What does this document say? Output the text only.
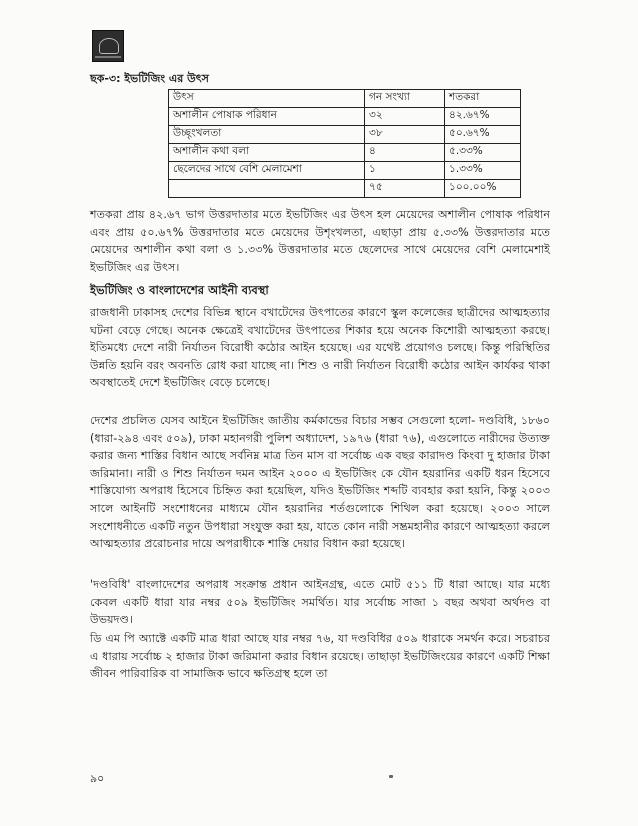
ছক-৩: ইভটিজিং এর উৎস

উৎস	গন সংখ্যা	শতকরা
অশালীন পোষাক পরিধান	৩২	৪২.৬৭%
উচ্ছৃংখলতা	৩৮	৫০.৬৭%
অশালীন কথা বলা	৪	৫.৩৩%
ছেলেদের সাথে বেশি মেলামেশা	১	১.৩৩%
	৭৫	১০০.০০%

শতকরা প্রায় ৪২.৬৭ ভাগ উত্তরদাতার মতে ইভটিজিং এর উৎস হল মেয়েদের অশালীন পোষাক পরিধান এবং প্রায় ৫০.৬৭% উত্তরদাতার মতে মেয়েদের উশৃংখলতা, এছাড়া প্রায় ৫.৩৩% উত্তরদাতার মতে মেয়েদের অশালীন কথা বলা ও ১.৩৩% উত্তরদাতার মতে ছেলেদের সাথে মেয়েদের বেশি মেলামেশাই ইভটিজিং এর উৎস।

ইভটিজিং ও বাংলাদেশের আইনী ব্যবস্থা

রাজধানী ঢাকাসহ দেশের বিভিন্ন স্থানে বখাটেদের উৎপাতের কারণে স্কুল কলেজের ছাত্রীদের আত্মহত্যার ঘটনা বেড়ে গেছে। অনেক ক্ষেত্রেই বখাটেদের উৎপাতের শিকার হয়ে অনেক কিশোরী আত্মহত্যা করছে। ইতিমধ্যে দেশে নারী নির্যাতন বিরোধী কঠোর আইন হয়েছে। এর যথেষ্ট প্রয়োগও চলছে। কিন্তু পরিস্থিতির উন্নতি হয়নি বরং অবনতি রোধ করা যাচ্ছে না। শিশু ও নারী নির্যাতন বিরোধী কঠোর আইন কার্যকর থাকা অবস্থাতেই দেশে ইভটিজিং বেড়ে চলেছে।

দেশের প্রচলিত যেসব আইনে ইভটিজিং জাতীয় কর্মকান্ডের বিচার সম্ভব সেগুলো হলো- দণ্ডবিধি, ১৮৬০ (ধারা-২৯৪ এবং ৫০৯), ঢাকা মহানগরী পুলিশ অধ্যাদেশ, ১৯৭৬ (ধারা ৭৬), এগুলোতে নারীদের উত্যক্ত করার জন্য শাস্তির বিধান আছে সর্বনিম্ন মাত্র তিন মাস বা সর্বোচ্চ এক বছর কারাদণ্ড কিংবা দু হাজার টাকা জরিমানা। নারী ও শিশু নির্যাতন দমন আইন ২০০০ এ ইভটিজিং কে যৌন হয়রানির একটি ধরন হিসেবে শাস্তিযোগ্য অপরাধ হিসেবে চিহ্নিত করা হয়েছিল, যদিও ইভটিজিং শব্দটি ব্যবহার করা হয়নি, কিন্তু ২০০৩ সালে আইনটি সংশোধনের মাধ্যমে যৌন হয়রানির শর্তগুলোকে শিথিল করা হয়েছে। ২০০৩ সালে সংশোধনীতে একটি নতুন উপধারা সংযুক্ত করা হয়, যাতে কোন নারী সম্ভ্রমহানীর কারণে আত্মহত্যা করলে আত্মহত্যার প্ররোচনার দায়ে অপরাধীকে শাস্তি দেয়ার বিধান করা হয়েছে।

'দণ্ডবিধি' বাংলাদেশের অপরাধ সংক্রান্ত প্রধান আইনগ্রন্থ, এতে মোট ৫১১ টি ধারা আছে। যার মধ্যে কেবল একটি ধারা যার নম্বর ৫০৯ ইভটিজিং সমর্থিত। যার সর্বোচ্চ সাজা ১ বছর অথবা অর্থদণ্ড বা উভয়দণ্ড।

ডি এম পি অ্যাক্টে একটি মাত্র ধারা আছে যার নম্বর ৭৬, যা দণ্ডবিধির ৫০৯ ধারাকে সমর্থন করে। সচরাচর এ ধারায় সর্বোচ্চ ২ হাজার টাকা জরিমানা করার বিধান রয়েছে। তাছাড়া ইভটিজিংয়ের কারণে একটি শিক্ষা জীবন পারিবারিক বা সামাজিক ভাবে ক্ষতিগ্রস্থ হলে তা

৯০
